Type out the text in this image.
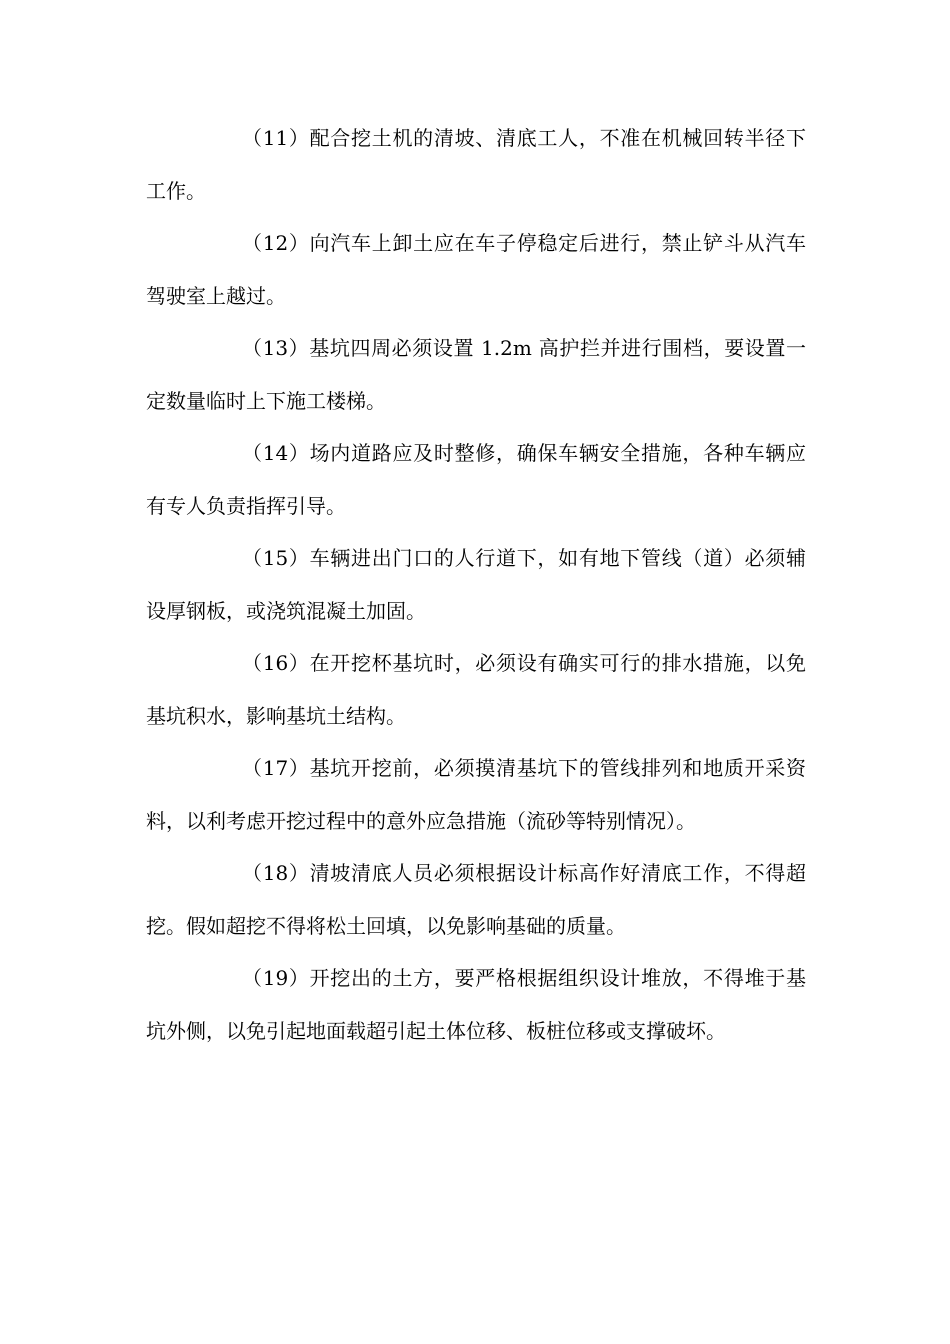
（11）配合挖土机的清坡、清底工人，不准在机械回转半径下工作。

（12）向汽车上卸土应在车子停稳定后进行，禁止铲斗从汽车驾驶室上越过。

（13）基坑四周必须设置 1.2m 高护拦并进行围档，要设置一定数量临时上下施工楼梯。

（14）场内道路应及时整修，确保车辆安全措施，各种车辆应有专人负责指挥引导。

（15）车辆进出门口的人行道下，如有地下管线（道）必须辅设厚钢板，或浇筑混凝土加固。

（16）在开挖杯基坑时，必须设有确实可行的排水措施，以免基坑积水，影响基坑土结构。

（17）基坑开挖前，必须摸清基坑下的管线排列和地质开采资料，以利考虑开挖过程中的意外应急措施（流砂等特别情况）。

（18）清坡清底人员必须根据设计标高作好清底工作，不得超挖。假如超挖不得将松土回填，以免影响基础的质量。

（19）开挖出的土方，要严格根据组织设计堆放，不得堆于基坑外侧，以免引起地面载超引起土体位移、板桩位移或支撑破坏。
